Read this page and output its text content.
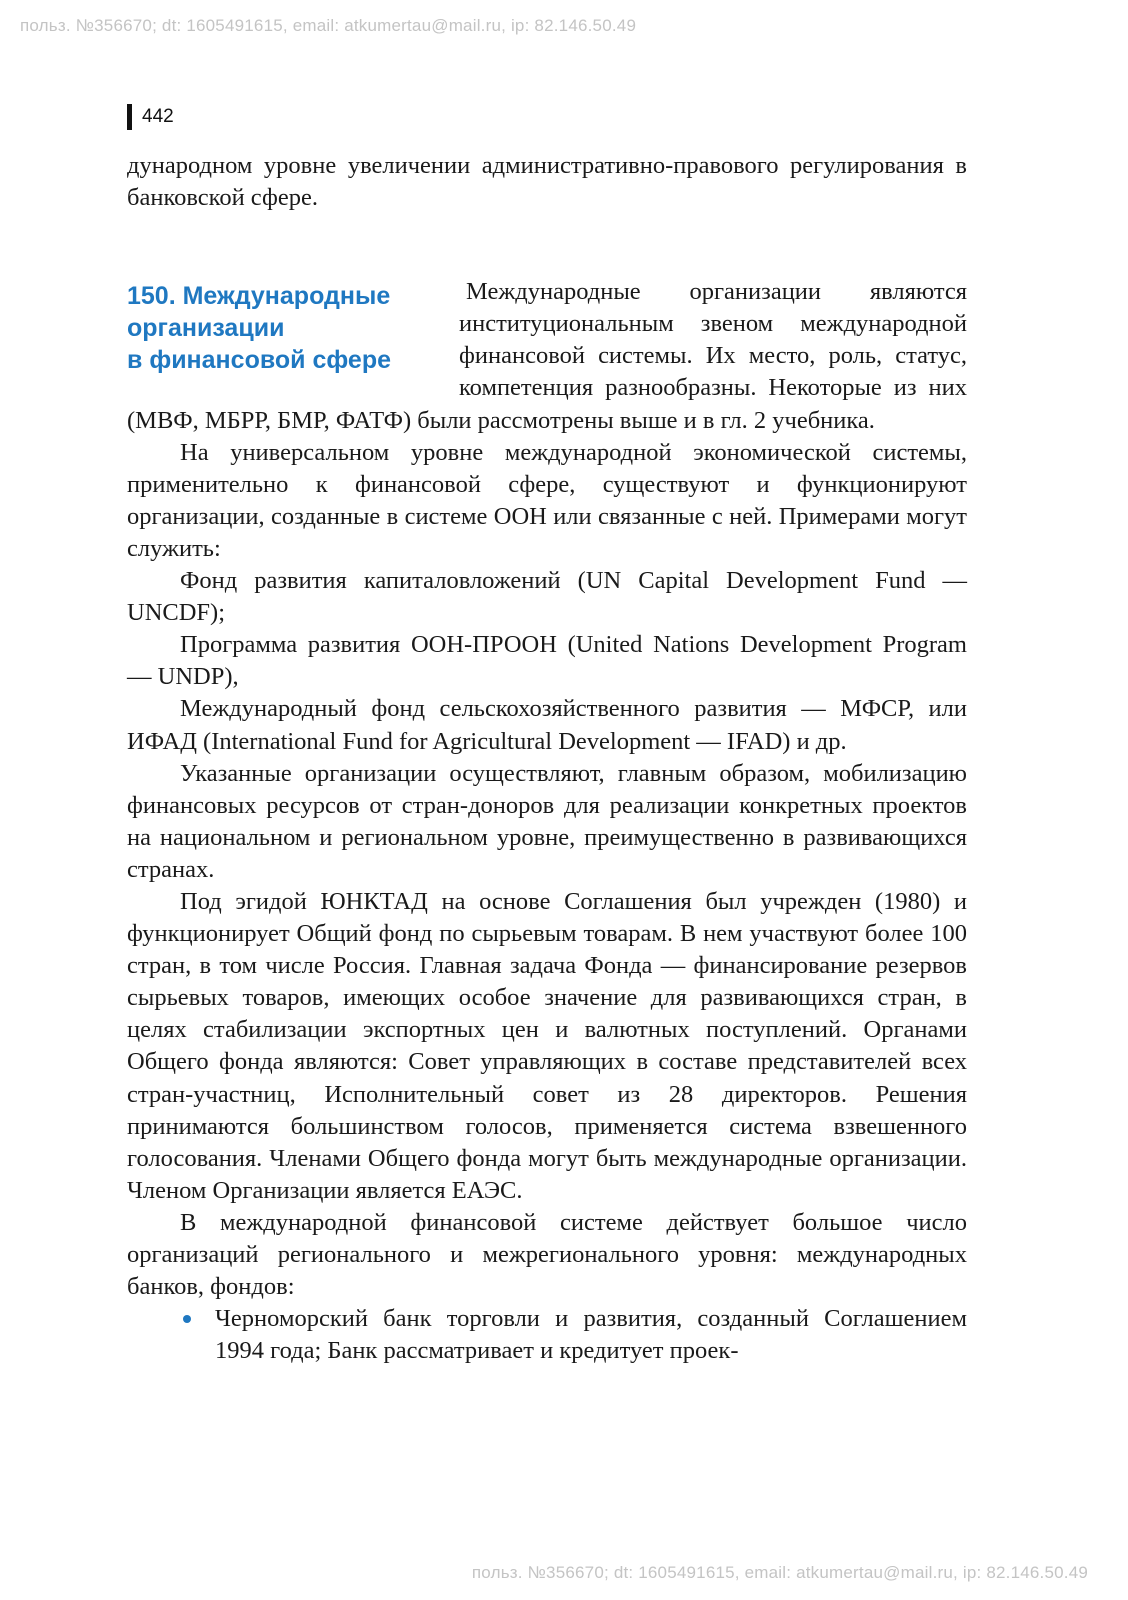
польз. №356670; dt: 1605491615, email: atkumertau@mail.ru, ip: 82.146.50.49
442

дународном уровне увеличении административно-правового регулирования в банковской сфере.

150. Международные
организации
в финансовой сфере

Международные организации являются институциональным звеном международной финансовой системы. Их место, роль, статус, компетенция разнообразны. Некоторые из них (МВФ, МБРР, БМР, ФАТФ) были рассмотрены выше и в гл. 2 учебника.

На универсальном уровне международной экономической системы, применительно к финансовой сфере, существуют и функционируют организации, созданные в системе ООН или связанные с ней. Примерами могут служить:

Фонд развития капиталовложений (UN Capital Development Fund — UNCDF);

Программа развития ООН-ПРООН (United Nations Development Program — UNDP),

Международный фонд сельскохозяйственного развития — МФСР, или ИФАД (International Fund for Agricultural Development — IFAD) и др.

Указанные организации осуществляют, главным образом, мобилизацию финансовых ресурсов от стран-доноров для реализации конкретных проектов на национальном и региональном уровне, преимущественно в развивающихся странах.

Под эгидой ЮНКТАД на основе Соглашения был учрежден (1980) и функционирует Общий фонд по сырьевым товарам. В нем участвуют более 100 стран, в том числе Россия. Главная задача Фонда — финансирование резервов сырьевых товаров, имеющих особое значение для развивающихся стран, в целях стабилизации экспортных цен и валютных поступлений. Органами Общего фонда являются: Совет управляющих в составе представителей всех стран-участниц, Исполнительный совет из 28 директоров. Решения принимаются большинством голосов, применяется система взвешенного голосования. Членами Общего фонда могут быть международные организации. Членом Организации является ЕАЭС.

В международной финансовой системе действует большое число организаций регионального и межрегионального уровня: международных банков, фондов:

Черноморский банк торговли и развития, созданный Соглашением 1994 года; Банк рассматривает и кредитует проек-
польз. №356670; dt: 1605491615, email: atkumertau@mail.ru, ip: 82.146.50.49
